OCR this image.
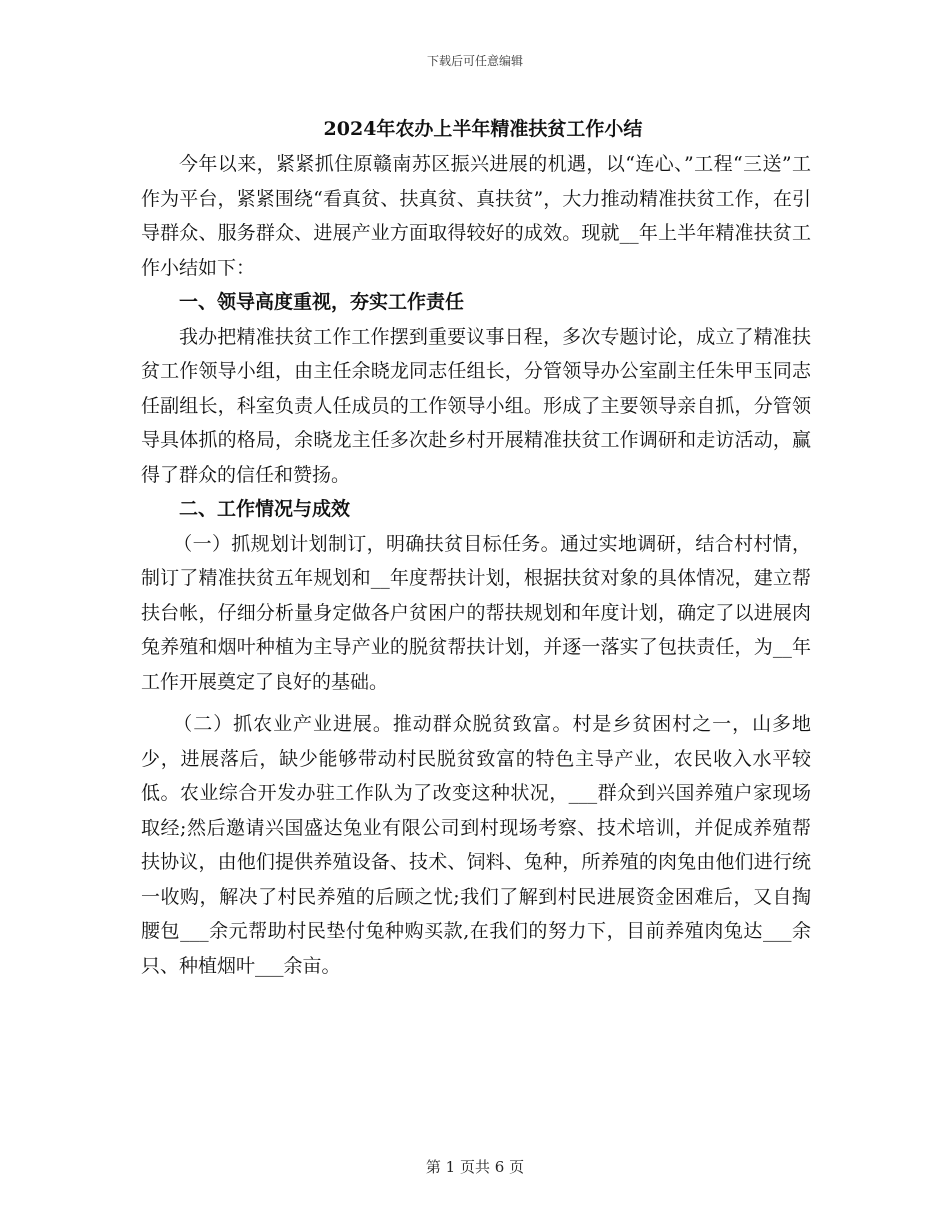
下载后可任意编辑
2024年农办上半年精准扶贫工作小结

今年以来，紧紧抓住原赣南苏区振兴进展的机遇，以“连心、”工程“三送”工作为平台，紧紧围绕“看真贫、扶真贫、真扶贫”，大力推动精准扶贫工作，在引导群众、服务群众、进展产业方面取得较好的成效。现就__年上半年精准扶贫工作小结如下：

一、领导高度重视，夯实工作责任

我办把精准扶贫工作工作摆到重要议事日程，多次专题讨论，成立了精准扶贫工作领导小组，由主任余晓龙同志任组长，分管领导办公室副主任朱甲玉同志任副组长，科室负责人任成员的工作领导小组。形成了主要领导亲自抓，分管领导具体抓的格局，余晓龙主任多次赴乡村开展精准扶贫工作调研和走访活动，赢得了群众的信任和赞扬。

二、工作情况与成效

（一）抓规划计划制订，明确扶贫目标任务。通过实地调研，结合村村情，制订了精准扶贫五年规划和__年度帮扶计划，根据扶贫对象的具体情况，建立帮扶台帐，仔细分析量身定做各户贫困户的帮扶规划和年度计划，确定了以进展肉兔养殖和烟叶种植为主导产业的脱贫帮扶计划，并逐一落实了包扶责任，为__年工作开展奠定了良好的基础。

（二）抓农业产业进展。推动群众脱贫致富。村是乡贫困村之一，山多地少，进展落后，缺少能够带动村民脱贫致富的特色主导产业，农民收入水平较低。农业综合开发办驻工作队为了改变这种状况，___群众到兴国养殖户家现场取经;然后邀请兴国盛达兔业有限公司到村现场考察、技术培训，并促成养殖帮扶协议，由他们提供养殖设备、技术、饲料、兔种，所养殖的肉兔由他们进行统一收购，解决了村民养殖的后顾之忧;我们了解到村民进展资金困难后，又自掏腰包___余元帮助村民垫付兔种购买款,在我们的努力下，目前养殖肉兔达___余只、种植烟叶___余亩。

第 1 页共 6 页
